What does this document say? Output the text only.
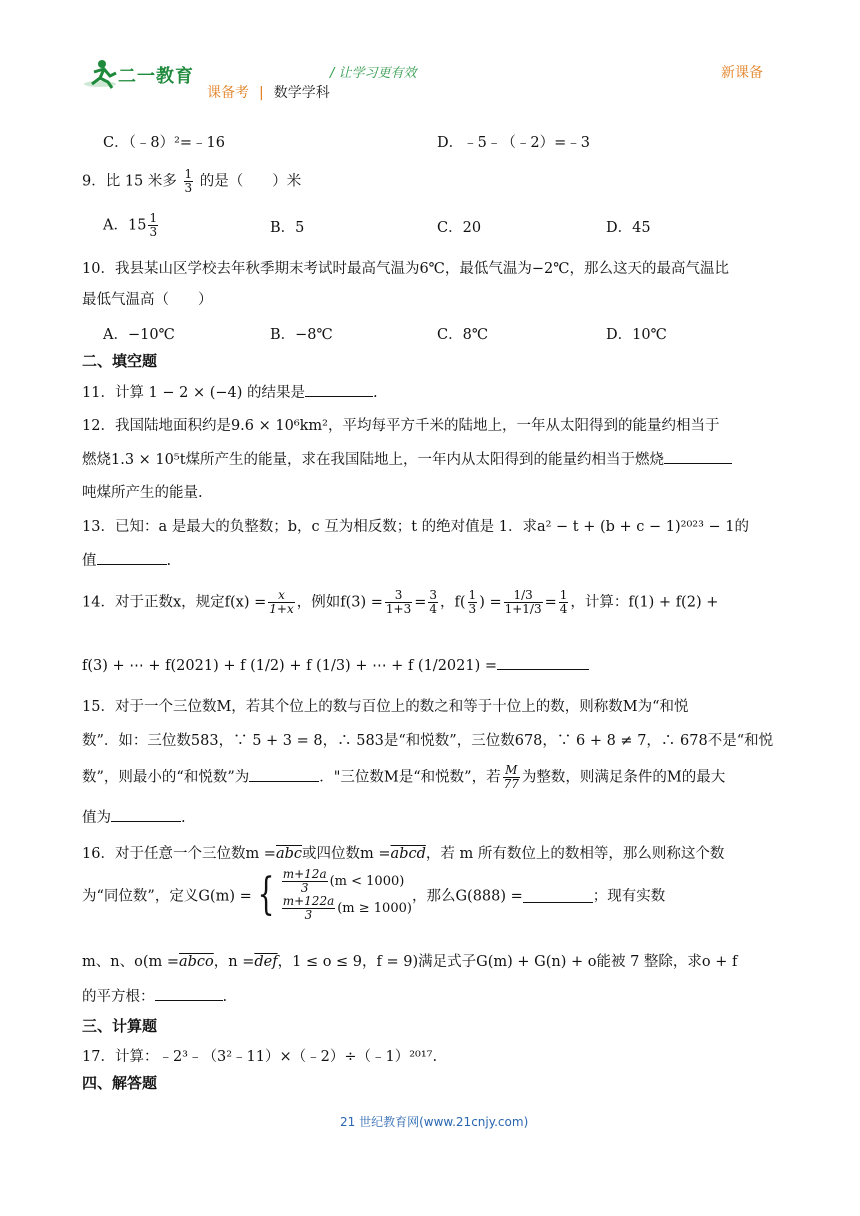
二一教育	/ 让学习更有效
课备考 | 数学学科
新课备
C．（﹣8）²=﹣16	D．﹣5﹣（﹣2）=﹣3
9．比 15 米多 $\frac{1}{3}$ 的是（　　）米
A．$15 \frac{1}{3}$	B．5	C．20	D．45
10．我县某山区学校去年秋季期末考试时最高气温为6℃，最低气温为−2℃，那么这天的最高气温比
最低气温高（　　）
A．−10℃	B．−8℃	C．8℃	D．10℃
二、填空题
11．计算 1 − 2 × (−4) 的结果是	.
12．我国陆地面积约是9.6 × 10⁶km²，平均每平方千米的陆地上，一年从太阳得到的能量约相当于
燃烧1.3 × 10⁵t煤所产生的能量，求在我国陆地上，一年内从太阳得到的能量约相当于燃烧
吨煤所产生的能量.
13．已知：a 是最大的负整数；b，c 互为相反数；t 的绝对值是 1．求a² − t + (b + c − 1)²⁰²³ − 1的
值	.
14．对于正数x，规定$f(x) = \frac{x}{1+x}$ ，例如$f(3) = \frac{3}{1+3} = \frac{3}{4}$ ，$f( \frac{1}{3}$ ) = $\frac{1/3}{1+1/3} = \frac{1}{4}$ ，计算：f(1) + f(2) +
f(3) + ⋯ + f(2021) + f (1/2) + f (1/3) + ⋯ + f (1/2021) =
15．对于一个三位数M，若其个位上的数与百位上的数之和等于十位上的数，则称数M为“和悦
数”．如：三位数583，∵ 5 + 3 = 8，∴ 583是“和悦数”，三位数678，∵ 6 + 8 ≠ 7，∴ 678不是“和悦
数”，则最小的“和悦数”为	．"三位数M是“和悦数”，若 $\frac{M}{77}$ 为整数，则满足条件的M的最大
值为	.
16．对于任意一个三位数$m =\overline{abc}$或四位数m =abcd，若 m 所有数位上的数相等，那么则称这个数
为“同位数”，定义G(m) = { $\frac{m+12a}{3} (m < 1000)$
$\frac{m+122a}{3} (m \ge 1000)$
，那么G(888) =	；现有实数
m、n、o(m =abco，$n =\overline{def}$，1 ≤ o ≤ 9，f = 9)满足式子G(m) + G(n) + o能被 7 整除，求o + f
的平方根：	.
三、计算题
17．计算：﹣2³﹣（3²﹣11）×（﹣2）÷（﹣1）²⁰¹⁷.
四、解答题
21 世纪教育网(www.21cnjy.com)
